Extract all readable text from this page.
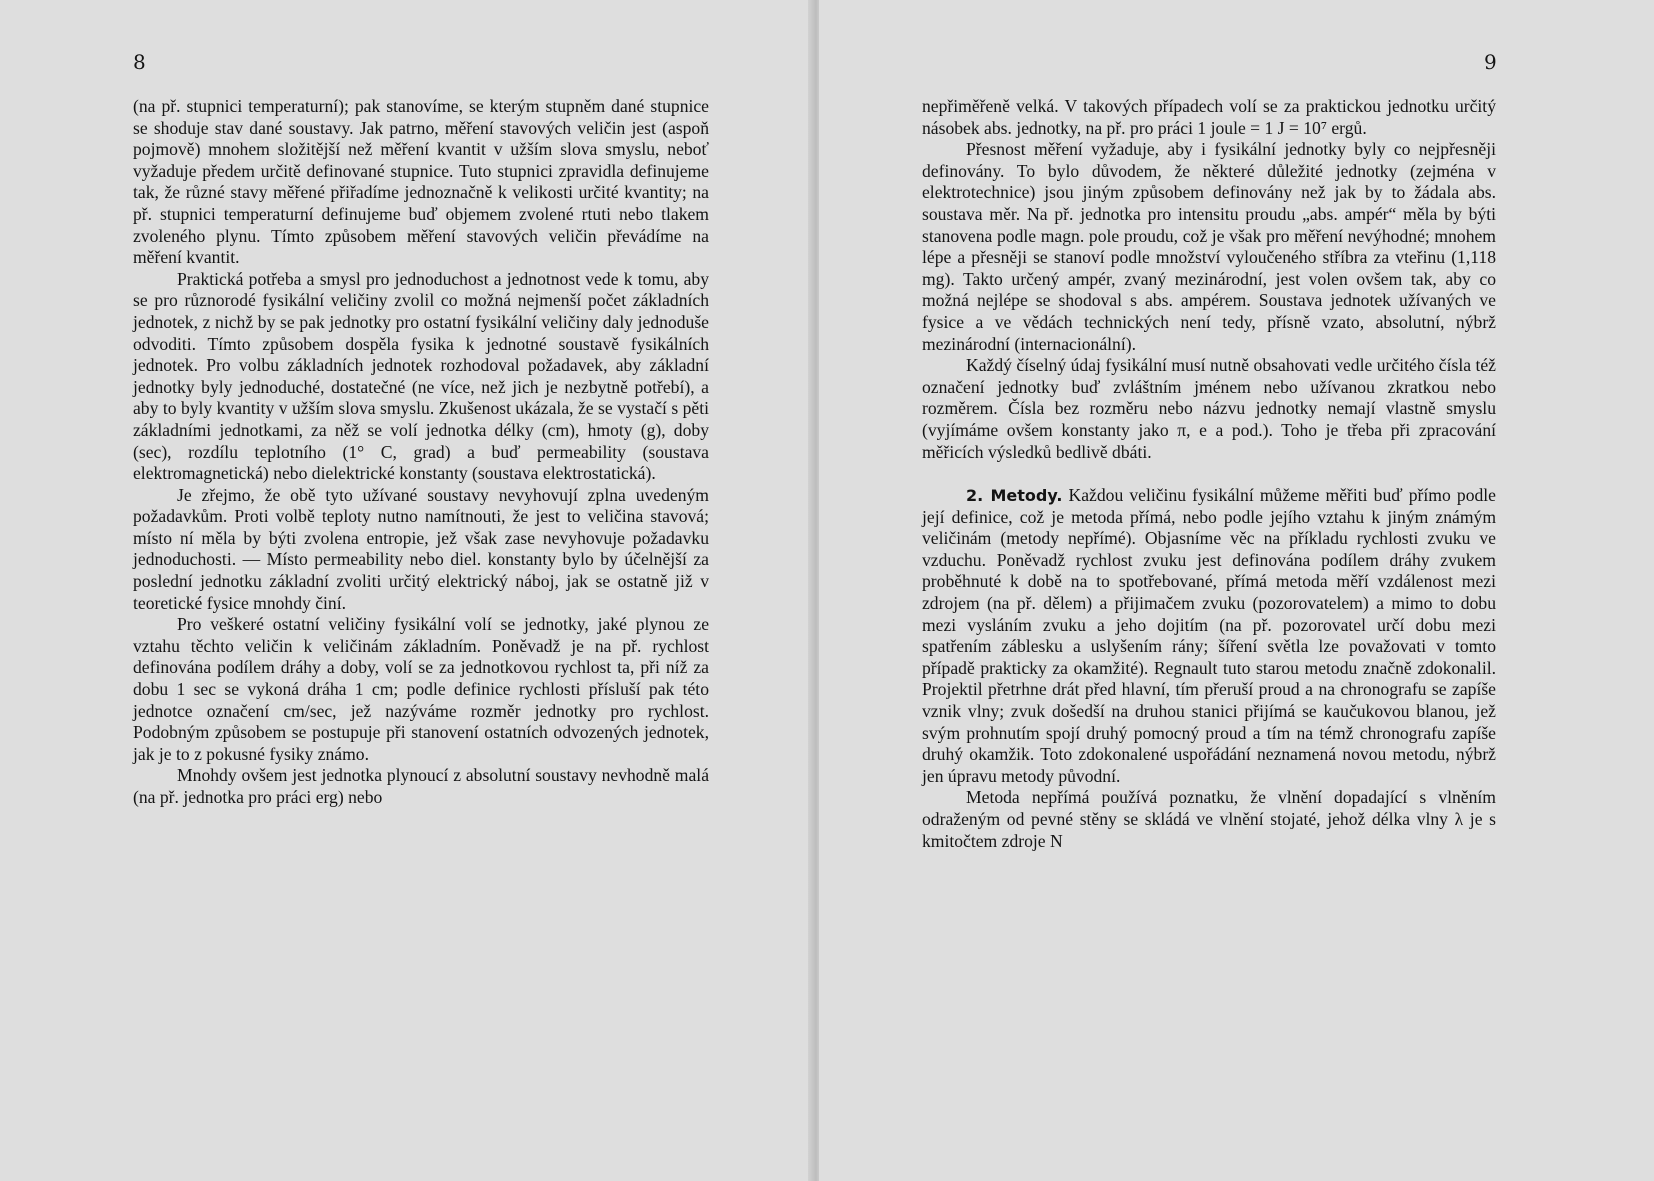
8

(na př. stupnici temperaturní); pak stanovíme, se kterým stupněm dané stupnice se shoduje stav dané soustavy. Jak patrno, měření stavových veličin jest (aspoň pojmově) mnohem složitější než měření kvantit v užším slova smyslu, neboť vyžaduje předem určitě definované stupnice. Tuto stupnici zpravidla definujeme tak, že různé stavy měřené přiřadíme jednoznačně k velikosti určité kvantity; na př. stupnici temperaturní definujeme buď objemem zvolené rtuti nebo tlakem zvoleného plynu. Tímto způsobem měření stavových veličin převádíme na měření kvantit.

Praktická potřeba a smysl pro jednoduchost a jednotnost vede k tomu, aby se pro různorodé fysikální veličiny zvolil co možná nejmenší počet základních jednotek, z nichž by se pak jednotky pro ostatní fysikální veličiny daly jednoduše odvoditi. Tímto způsobem dospěla fysika k jednotné soustavě fysikálních jednotek. Pro volbu základních jednotek rozhodoval požadavek, aby základní jednotky byly jednoduché, dostatečné (ne více, než jich je nezbytně potřebí), a aby to byly kvantity v užším slova smyslu. Zkušenost ukázala, že se vystačí s pěti základními jednotkami, za něž se volí jednotka délky (cm), hmoty (g), doby (sec), rozdílu teplotního (1° C, grad) a buď permeability (soustava elektromagnetická) nebo dielektrické konstanty (soustava elektrostatická).

Je zřejmo, že obě tyto užívané soustavy nevyhovují zplna uvedeným požadavkům. Proti volbě teploty nutno namítnouti, že jest to veličina stavová; místo ní měla by býti zvolena entropie, jež však zase nevyhovuje požadavku jednoduchosti. — Místo permeability nebo diel. konstanty bylo by účelnější za poslední jednotku základní zvoliti určitý elektrický náboj, jak se ostatně již v teoretické fysice mnohdy činí.

Pro veškeré ostatní veličiny fysikální volí se jednotky, jaké plynou ze vztahu těchto veličin k veličinám základním. Poněvadž je na př. rychlost definována podílem dráhy a doby, volí se za jednotkovou rychlost ta, při níž za dobu 1 sec se vykoná dráha 1 cm; podle definice rychlosti přísluší pak této jednotce označení cm/sec, jež nazýváme rozměr jednotky pro rychlost. Podobným způsobem se postupuje při stanovení ostatních odvozených jednotek, jak je to z pokusné fysiky známo.

Mnohdy ovšem jest jednotka plynoucí z absolutní soustavy nevhodně malá (na př. jednotka pro práci erg) nebo

9

nepřiměřeně velká. V takových případech volí se za praktickou jednotku určitý násobek abs. jednotky, na př. pro práci 1 joule = 1 J = 10⁷ ergů.

Přesnost měření vyžaduje, aby i fysikální jednotky byly co nejpřesněji definovány. To bylo důvodem, že některé důležité jednotky (zejména v elektrotechnice) jsou jiným způsobem definovány než jak by to žádala abs. soustava měr. Na př. jednotka pro intensitu proudu „abs. ampér“ měla by býti stanovena podle magn. pole proudu, což je však pro měření nevýhodné; mnohem lépe a přesněji se stanoví podle množství vyloučeného stříbra za vteřinu (1,118 mg). Takto určený ampér, zvaný mezinárodní, jest volen ovšem tak, aby co možná nejlépe se shodoval s abs. ampérem. Soustava jednotek užívaných ve fysice a ve vědách technických není tedy, přísně vzato, absolutní, nýbrž mezinárodní (internacionální).

Každý číselný údaj fysikální musí nutně obsahovati vedle určitého čísla též označení jednotky buď zvláštním jménem nebo užívanou zkratkou nebo rozměrem. Čísla bez rozměru nebo názvu jednotky nemají vlastně smyslu (vyjímáme ovšem konstanty jako π, e a pod.). Toho je třeba při zpracování měřicích výsledků bedlivě dbáti.

2. Metody. Každou veličinu fysikální můžeme měřiti buď přímo podle její definice, což je metoda přímá, nebo podle jejího vztahu k jiným známým veličinám (metody nepřímé). Objasníme věc na příkladu rychlosti zvuku ve vzduchu. Poněvadž rychlost zvuku jest definována podílem dráhy zvukem proběhnuté k době na to spotřebované, přímá metoda měří vzdálenost mezi zdrojem (na př. dělem) a přijimačem zvuku (pozorovatelem) a mimo to dobu mezi vysláním zvuku a jeho dojitím (na př. pozorovatel určí dobu mezi spatřením záblesku a uslyšením rány; šíření světla lze považovati v tomto případě prakticky za okamžité). Regnault tuto starou metodu značně zdokonalil. Projektil přetrhne drát před hlavní, tím přeruší proud a na chronografu se zapíše vznik vlny; zvuk došedší na druhou stanici přijímá se kaučukovou blanou, jež svým prohnutím spojí druhý pomocný proud a tím na témž chronografu zapíše druhý okamžik. Toto zdokonalené uspořádání neznamená novou metodu, nýbrž jen úpravu metody původní.

Metoda nepřímá používá poznatku, že vlnění dopadající s vlněním odraženým od pevné stěny se skládá ve vlnění stojaté, jehož délka vlny λ je s kmitočtem zdroje N
